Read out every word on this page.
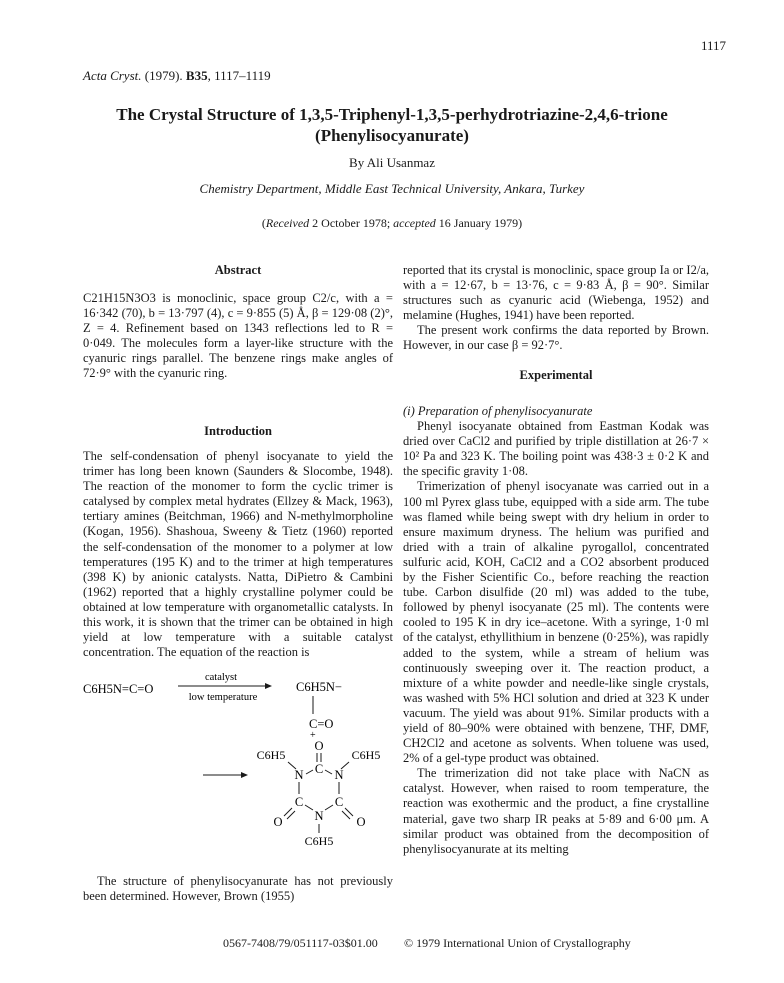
1117
Acta Cryst. (1979). B35, 1117–1119
The Crystal Structure of 1,3,5-Triphenyl-1,3,5-perhydrotriazine-2,4,6-trione
(Phenylisocyanurate)
By Ali Usanmaz
Chemistry Department, Middle East Technical University, Ankara, Turkey
(Received 2 October 1978; accepted 16 January 1979)
Abstract

C21H15N3O3 is monoclinic, space group C2/c, with a = 16·342 (70), b = 13·797 (4), c = 9·855 (5) Å, β = 129·08 (2)°, Z = 4. Refinement based on 1343 reflections led to R = 0·049. The molecules form a layer-like structure with the cyanuric rings parallel. The benzene rings make angles of 72·9° with the cyanuric ring.

Introduction

The self-condensation of phenyl isocyanate to yield the trimer has long been known (Saunders & Slocombe, 1948). The reaction of the monomer to form the cyclic trimer is catalysed by complex metal hydrates (Ellzey & Mack, 1963), tertiary amines (Beitchman, 1966) and N-methylmorpholine (Kogan, 1956). Shashoua, Sweeny & Tietz (1960) reported the self-condensation of the monomer to a polymer at low temperatures (195 K) and to the trimer at high temperatures (398 K) by anionic catalysts. Natta, DiPietro & Cambini (1962) reported that a highly crystalline polymer could be obtained at low temperature with organometallic catalysts. In this work, it is shown that the trimer can be obtained in high yield at low temperature with a suitable catalyst concentration. The equation of the reaction is

C6H5N=C=O
catalyst
low temperature
C6H5N−
C=O
+
O
C
C6H5	C6H5
N N
C	C
N
O	O
C6H5

The structure of phenylisocyanurate has not previously been determined. However, Brown (1955)

reported that its crystal is monoclinic, space group Ia or I2/a, with a = 12·67, b = 13·76, c = 9·83 Å, β = 90°. Similar structures such as cyanuric acid (Wiebenga, 1952) and melamine (Hughes, 1941) have been reported.

The present work confirms the data reported by Brown. However, in our case β = 92·7°.

Experimental

(i) Preparation of phenylisocyanurate

Phenyl isocyanate obtained from Eastman Kodak was dried over CaCl2 and purified by triple distillation at 26·7 × 10² Pa and 323 K. The boiling point was 438·3 ± 0·2 K and the specific gravity 1·08.

Trimerization of phenyl isocyanate was carried out in a 100 ml Pyrex glass tube, equipped with a side arm. The tube was flamed while being swept with dry helium in order to ensure maximum dryness. The helium was purified and dried with a train of alkaline pyrogallol, concentrated sulfuric acid, KOH, CaCl2 and a CO2 absorbent produced by the Fisher Scientific Co., before reaching the reaction tube. Carbon disulfide (20 ml) was added to the tube, followed by phenyl isocyanate (25 ml). The contents were cooled to 195 K in dry ice–acetone. With a syringe, 1·0 ml of the catalyst, ethyllithium in benzene (0·25%), was rapidly added to the system, while a stream of helium was continuously sweeping over it. The reaction product, a mixture of a white powder and needle-like single crystals, was washed with 5% HCl solution and dried at 323 K under vacuum. The yield was about 91%. Similar products with a yield of 80–90% were obtained with benzene, THF, DMF, CH2Cl2 and acetone as solvents. When toluene was used, 2% of a gel-type product was obtained.

The trimerization did not take place with NaCN as catalyst. However, when raised to room temperature, the reaction was exothermic and the product, a fine crystalline material, gave two sharp IR peaks at 5·89 and 6·00 μm. A similar product was obtained from the decomposition of phenylisocyanurate at its melting

0567-7408/79/051117-03$01.00 © 1979 International Union of Crystallography
